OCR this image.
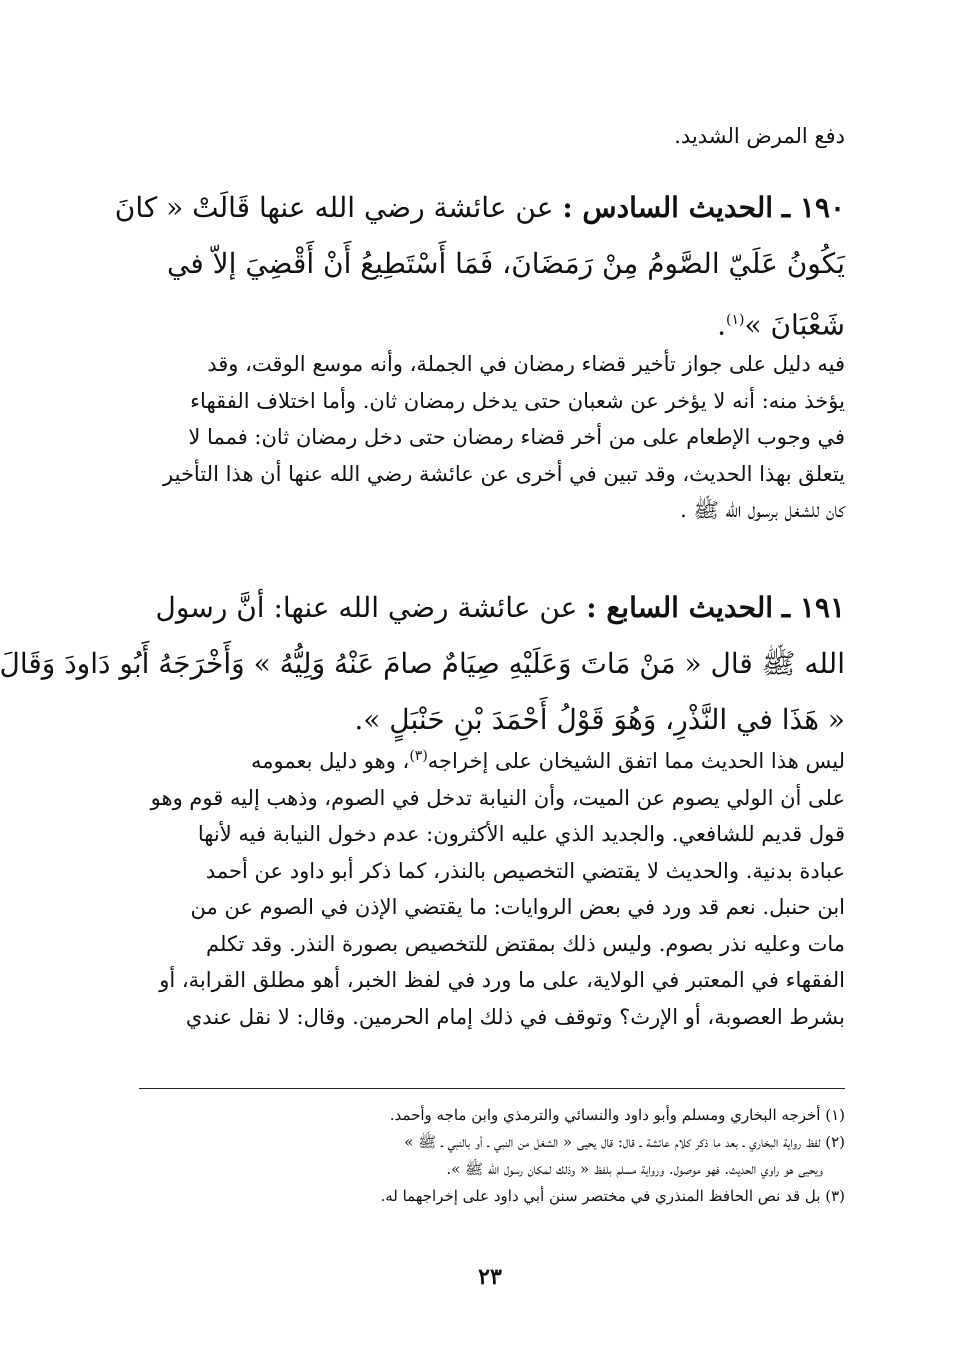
دفع المرض الشديد.
١٩٠ ـ الحديث السادس : عن عائشة رضي الله عنها قَالَتْ « كانَ
يَكُونُ عَلَيّ الصَّومُ مِنْ رَمَضَانَ، فَمَا أَسْتَطِيعُ أَنْ أَقْضِيَ إلاّ في
شَعْبَانَ »$^{(١)}$.
فيه دليل على جواز تأخير قضاء رمضان في الجملة، وأنه موسع الوقت، وقد
يؤخذ منه: أنه لا يؤخر عن شعبان حتى يدخل رمضان ثان. وأما اختلاف الفقهاء
في وجوب الإطعام على من أخر قضاء رمضان حتى دخل رمضان ثان: فمما لا
يتعلق بهذا الحديث، وقد تبين في أخرى عن عائشة رضي الله عنها أن هذا التأخير
كان للشغل برسول الله ﷺ .
١٩١ ـ الحديث السابع : عن عائشة رضي الله عنها: أنَّ رسول
الله ﷺ قال « مَنْ مَاتَ وَعَلَيْهِ صِيَامٌ صامَ عَنْهُ وَلِيُّهُ » وَأَخْرَجَهُ أَبُو دَاودَ وَقَالَ
« هَذَا في النَّذْرِ، وَهُوَ قَوْلُ أَحْمَدَ بْنِ حَنْبَلٍ ».
ليس هذا الحديث مما اتفق الشيخان على إخراجه$^{(٣)}$، وهو دليل بعمومه
على أن الولي يصوم عن الميت، وأن النيابة تدخل في الصوم، وذهب إليه قوم وهو
قول قديم للشافعي. والجديد الذي عليه الأكثرون: عدم دخول النيابة فيه لأنها
عبادة بدنية. والحديث لا يقتضي التخصيص بالنذر، كما ذكر أبو داود عن أحمد
ابن حنبل. نعم قد ورد في بعض الروايات: ما يقتضي الإذن في الصوم عن من
مات وعليه نذر بصوم. وليس ذلك بمقتض للتخصيص بصورة النذر. وقد تكلم
الفقهاء في المعتبر في الولاية، على ما ورد في لفظ الخبر، أهو مطلق القرابة، أو
بشرط العصوبة، أو الإرث؟ وتوقف في ذلك إمام الحرمين. وقال: لا نقل عندي
(١) أخرجه البخاري ومسلم وأبو داود والنسائي والترمذي وابن ماجه وأحمد.
(٢) لفظ رواية البخاري ـ بعد ما ذكر كلام عائشة ـ قال: قال يحيى « الشغل من النبي ـ أو بالنبي ـ ﷺ »
ويحيى هو راوي الحديث. فهو موصول. ورواية مسلم بلفظ « وذلك لمكان رسول الله ﷺ ».
(٣) بل قد نص الحافظ المنذري في مختصر سنن أبي داود على إخراجهما له.
٢٣
